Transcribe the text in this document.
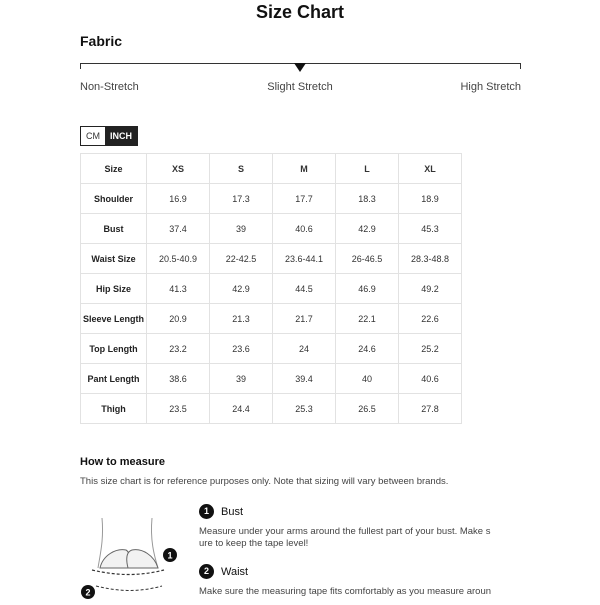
Size Chart
Fabric
Non-Stretch	Slight Stretch	High Stretch
CM	INCH
Size	XS	S	M	L	XL
Shoulder	16.9	17.3	17.7	18.3	18.9
Bust	37.4	39	40.6	42.9	45.3
Waist Size	20.5-40.9	22-42.5	23.6-44.1	26-46.5	28.3-48.8
Hip Size	41.3	42.9	44.5	46.9	49.2
Sleeve Length	20.9	21.3	21.7	22.1	22.6
Top Length	23.2	23.6	24	24.6	25.2
Pant Length	38.6	39	39.4	40	40.6
Thigh	23.5	24.4	25.3	26.5	27.8
How to measure
This size chart is for reference purposes only. Note that sizing will vary between brands.
1
2
1	Bust
Measure under your arms around the fullest part of your bust. Make s ure to keep the tape level!
2	Waist
Make sure the measuring tape fits comfortably as you measure aroun
